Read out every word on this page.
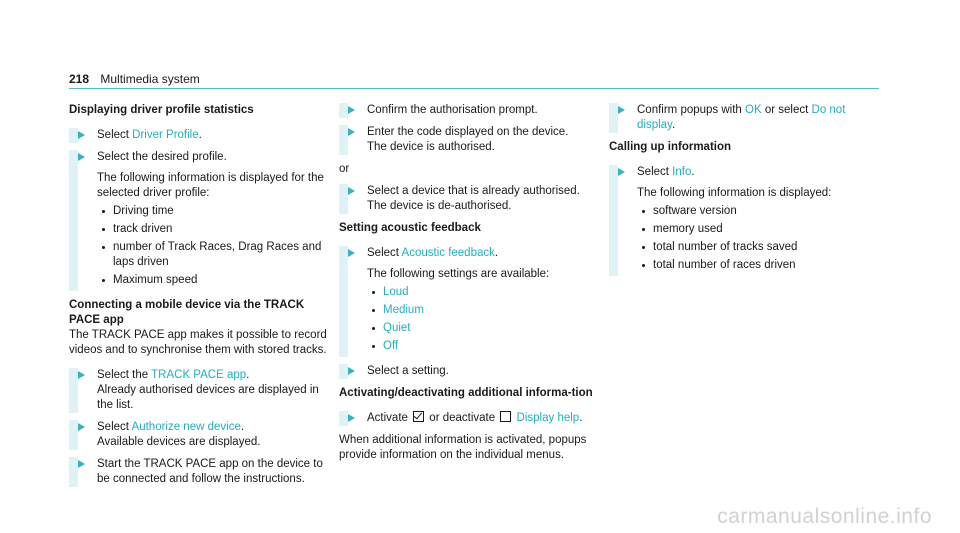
218 Multimedia system
Displaying driver profile statistics
Select Driver Profile.

Select the desired profile.

The following information is displayed for the selected driver profile:

Driving time
track driven
number of Track Races, Drag Races and laps driven
Maximum speed
Connecting a mobile device via the TRACK PACE app

The TRACK PACE app makes it possible to record videos and to synchronise them with stored tracks.

Select the TRACK PACE app.

Already authorised devices are displayed in the list.

Select Authorize new device.

Available devices are displayed.

Start the TRACK PACE app on the device to be connected and follow the instructions.
Confirm the authorisation prompt.

Enter the code displayed on the device.

The device is authorised.

or

Select a device that is already authorised.

The device is de-authorised.

Setting acoustic feedback
Select Acoustic feedback.

The following settings are available:

Loud
Medium
Quiet
Off
Select a setting.
Activating/deactivating additional informa-tion
Activate  or deactivate  Display help.

When additional information is activated, popups provide information on the individual menus.

Confirm popups with OK or select Do not display.
Calling up information
Select Info.

The following information is displayed:

software version
memory used
total number of tracks saved
total number of races driven
carmanualsonline.info
